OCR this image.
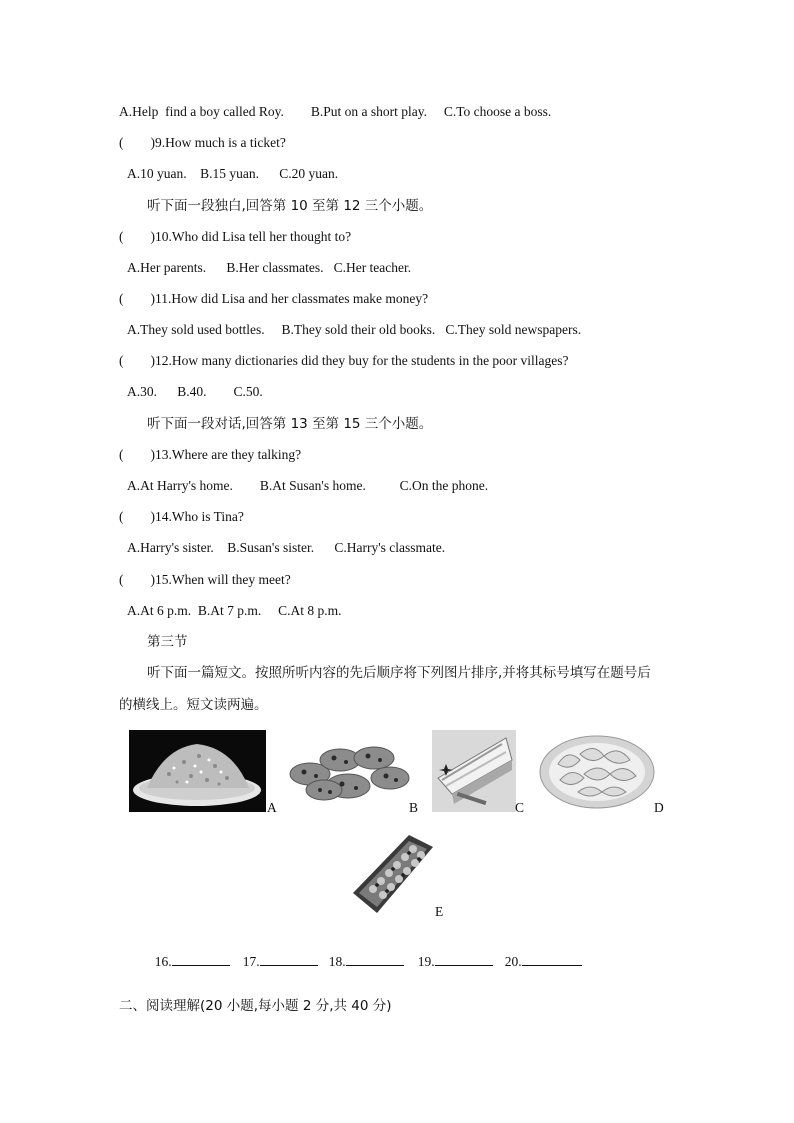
A.Help  find a boy called Roy.        B.Put on a short play.     C.To choose a boss.
(        )9.How much is a ticket?
A.10 yuan.    B.15 yuan.      C.20 yuan.
听下面一段独白,回答第 10 至第 12 三个小题。
(        )10.Who did Lisa tell her thought to?
A.Her parents.      B.Her classmates.   C.Her teacher.
(        )11.How did Lisa and her classmates make money?
A.They sold used bottles.     B.They sold their old books.   C.They sold newspapers.
(        )12.How many dictionaries did they buy for the students in the poor villages?
A.30.      B.40.        C.50.
听下面一段对话,回答第 13 至第 15 三个小题。
(        )13.Where are they talking?
A.At Harry's home.        B.At Susan's home.          C.On the phone.
(        )14.Who is Tina?
A.Harry's sister.    B.Susan's sister.      C.Harry's classmate.
(        )15.When will they meet?
A.At 6 p.m.  B.At 7 p.m.     C.At 8 p.m.
第三节
听下面一篇短文。按照所听内容的先后顺序将下列图片排序,并将其标号填写在题号后
的横线上。短文读两遍。
A	B	C	D
E

16.	17.	18.	19.	20.

二、阅读理解(20 小题,每小题 2 分,共 40 分)
